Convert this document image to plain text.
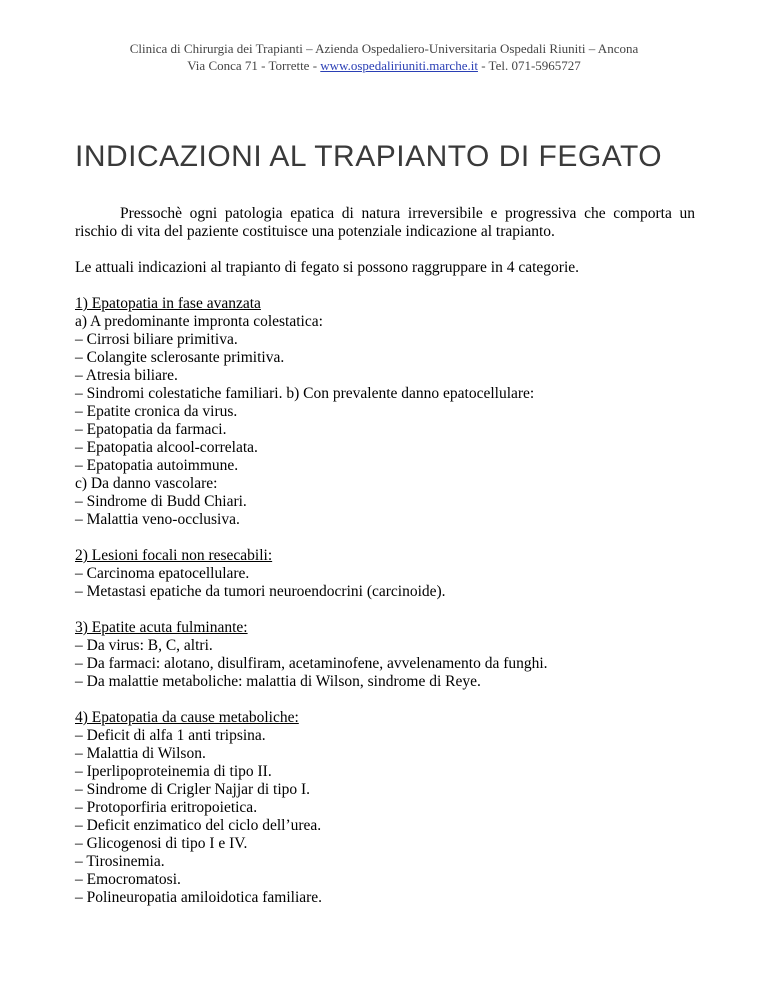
Clinica di Chirurgia dei Trapianti – Azienda Ospedaliero-Universitaria Ospedali Riuniti – Ancona
Via Conca 71 - Torrette - www.ospedaliriuniti.marche.it - Tel. 071-5965727
INDICAZIONI AL TRAPIANTO DI FEGATO

Pressochè ogni patologia epatica di natura irreversibile e progressiva che comporta un rischio di vita del paziente costituisce una potenziale indicazione al trapianto.

Le attuali indicazioni al trapianto di fegato si possono raggruppare in 4 categorie.

1) Epatopatia in fase avanzata
a) A predominante impronta colestatica:
– Cirrosi biliare primitiva.
– Colangite sclerosante primitiva.
– Atresia biliare.
– Sindromi colestatiche familiari. b) Con prevalente danno epatocellulare:
– Epatite cronica da virus.
– Epatopatia da farmaci.
– Epatopatia alcool-correlata.
– Epatopatia autoimmune.
c) Da danno vascolare:
– Sindrome di Budd Chiari.
– Malattia veno-occlusiva.
2) Lesioni focali non resecabili:
– Carcinoma epatocellulare.
– Metastasi epatiche da tumori neuroendocrini (carcinoide).
3) Epatite acuta fulminante:
– Da virus: B, C, altri.
– Da farmaci: alotano, disulfiram, acetaminofene, avvelenamento da funghi.
– Da malattie metaboliche: malattia di Wilson, sindrome di Reye.
4) Epatopatia da cause metaboliche:
– Deficit di alfa 1 anti tripsina.
– Malattia di Wilson.
– Iperlipoproteinemia di tipo II.
– Sindrome di Crigler Najjar di tipo I.
– Protoporfiria eritropoietica.
– Deficit enzimatico del ciclo dell’urea.
– Glicogenosi di tipo I e IV.
– Tirosinemia.
– Emocromatosi.
– Polineuropatia amiloidotica familiare.
